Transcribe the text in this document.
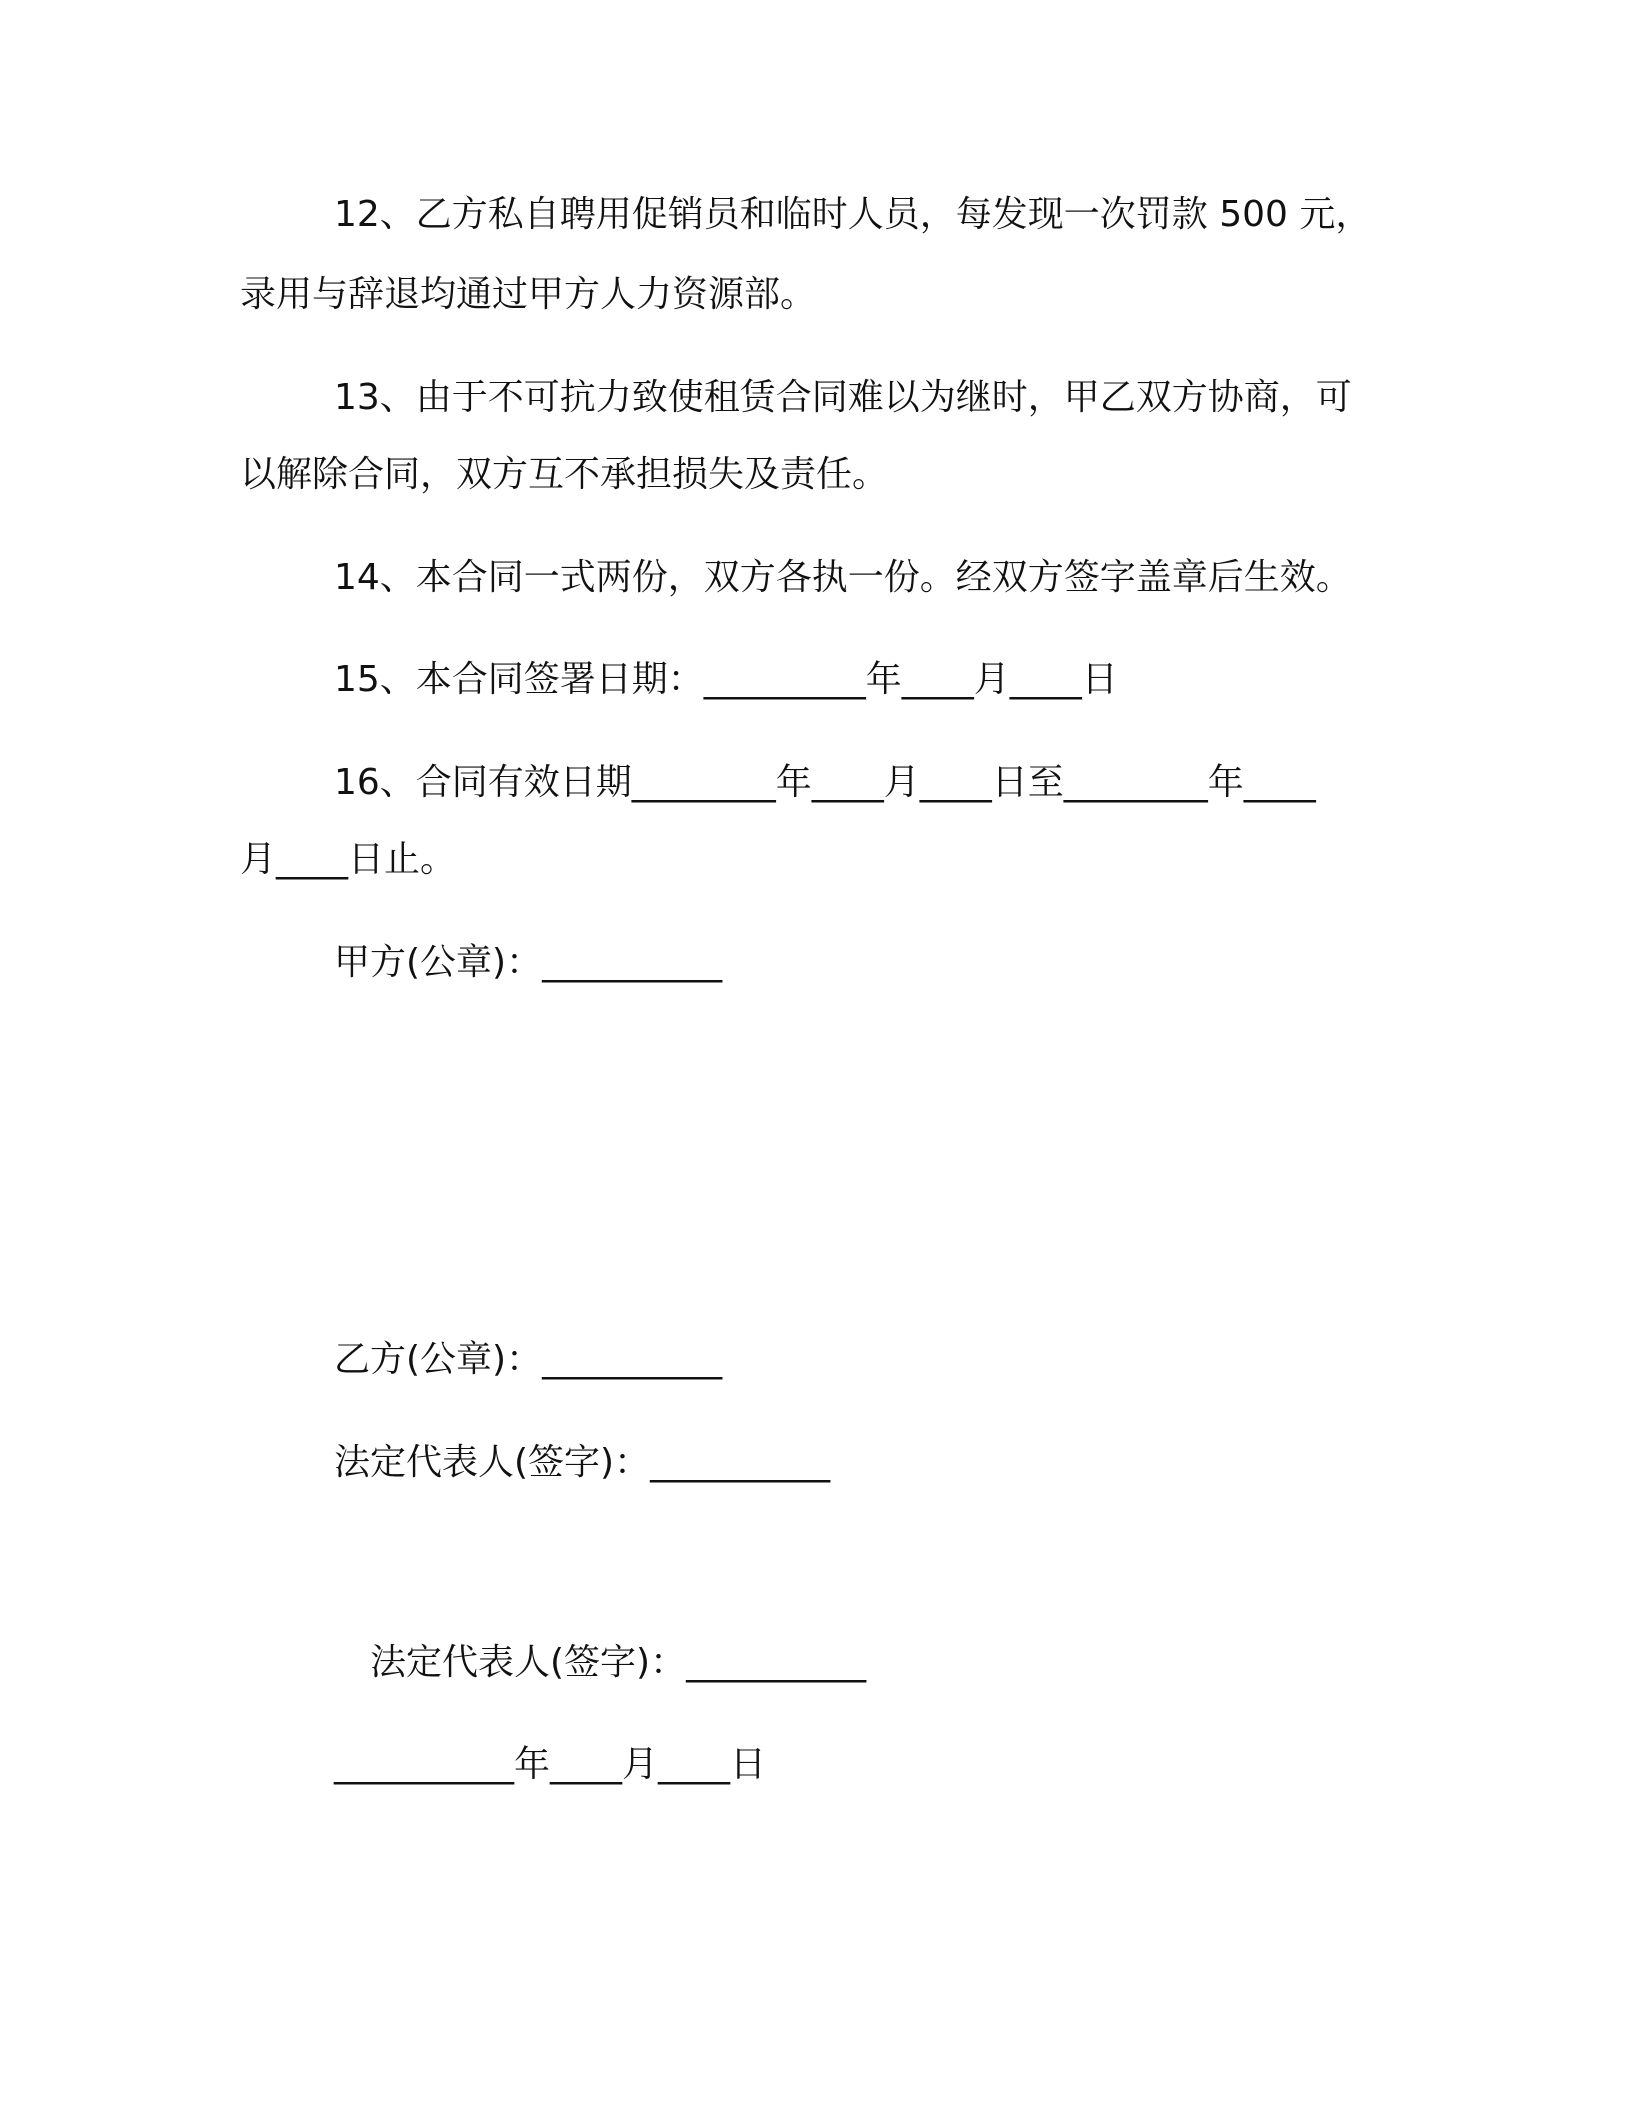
12、乙方私自聘用促销员和临时人员，每发现一次罚款 500 元，
录用与辞退均通过甲方人力资源部。
13、由于不可抗力致使租赁合同难以为继时，甲乙双方协商，可
以解除合同，双方互不承担损失及责任。
14、本合同一式两份，双方各执一份。经双方签字盖章后生效。
15、本合同签署日期：_________年____月____日
16、合同有效日期________年____月____日至________年____
月____日止。
甲方(公章)：__________
乙方(公章)：__________
法定代表人(签字)：__________
法定代表人(签字)：__________
__________年____月____日
